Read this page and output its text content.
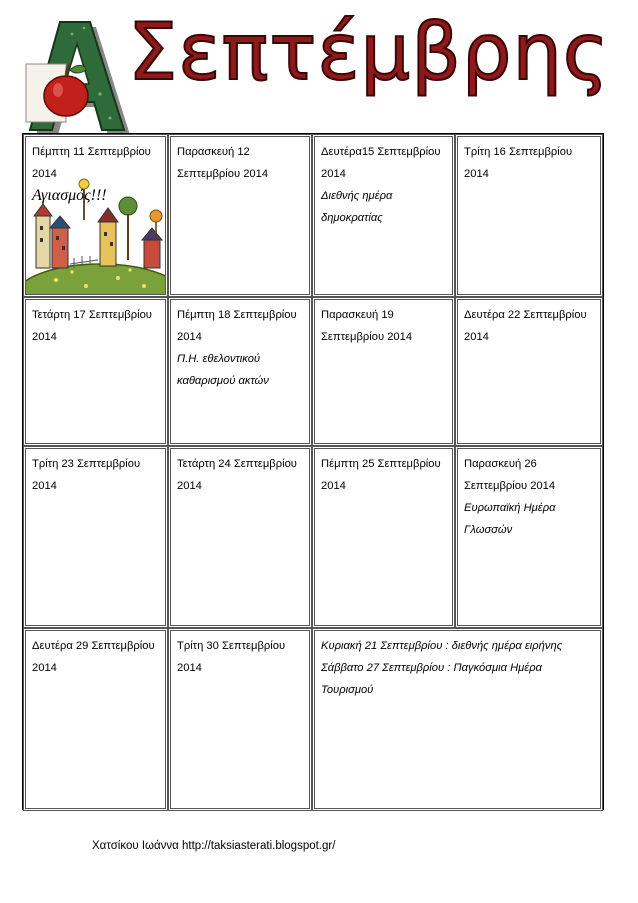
Σεπτέμβρης
Πέμπτη 11 Σεπτεμβρίου
2014
Αγιασμός!!!
Παρασκευή 12
Σεπτεμβρίου 2014
Δευτέρα15 Σεπτεμβρίου
2014
Διεθνής ημέρα δημοκρατίας
Τρίτη 16 Σεπτεμβρίου
2014
Τετάρτη 17 Σεπτεμβρίου
2014
Πέμπτη 18 Σεπτεμβρίου
2014
Π.Η. εθελοντικού καθαρισμού ακτών
Παρασκευή 19
Σεπτεμβρίου 2014
Δευτέρα 22 Σεπτεμβρίου
2014
Τρίτη 23 Σεπτεμβρίου
2014
Τετάρτη 24 Σεπτεμβρίου
2014
Πέμπτη 25 Σεπτεμβρίου
2014
Παρασκευή 26
Σεπτεμβρίου 2014
Ευρωπαϊκή Ημέρα Γλωσσών
Δευτέρα 29 Σεπτεμβρίου
2014
Τρίτη 30 Σεπτεμβρίου
2014
Κυριακή 21 Σεπτεμβρίου : διεθνής ημέρα ειρήνης
Σάββατο 27 Σεπτεμβρίου : Παγκόσμια Ημέρα Τουρισμού
Χατσίκου Ιωάννα http://taksiasterati.blogspot.gr/
